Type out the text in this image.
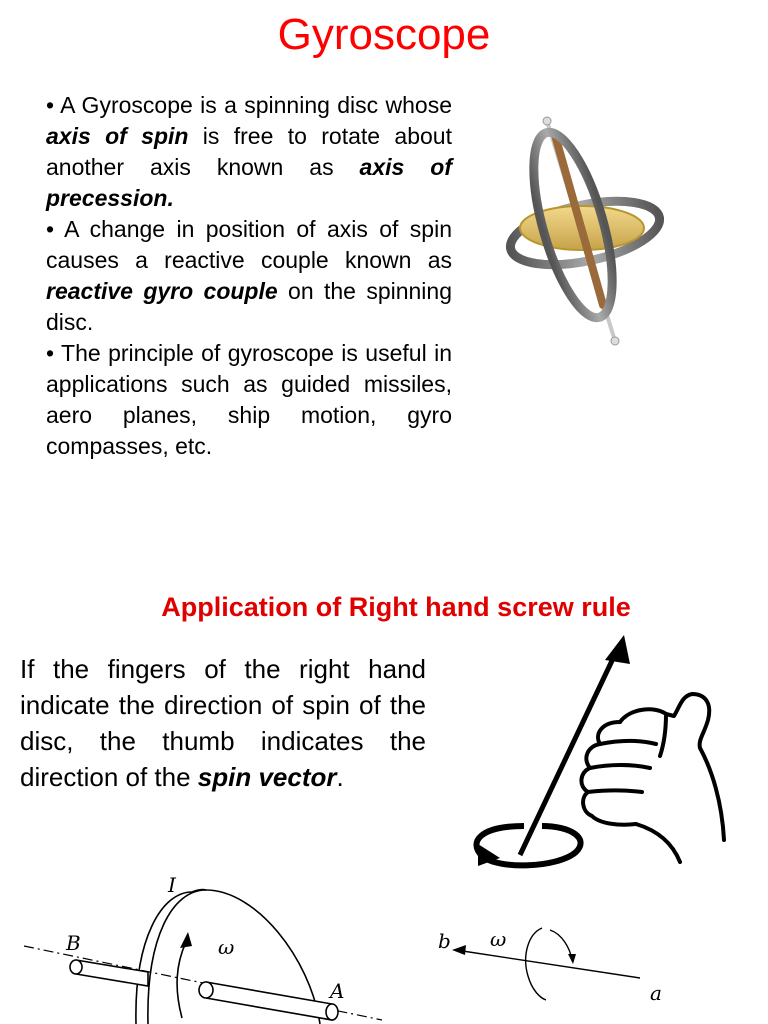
Gyroscope

• A Gyroscope is a spinning disc whose axis of spin is free to rotate about another axis known as axis of precession.

• A change in position of axis of spin causes a reactive couple known as reactive gyro couple on the spinning disc.

• The principle of gyroscope is useful in applications such as guided missiles, aero planes, ship motion, gyro compasses, etc.

Application of Right hand screw rule
If the fingers of the right hand indicate the direction of spin of the disc, the thumb indicates the direction of the spin vector.
I
B	ω
A
b ω
a
